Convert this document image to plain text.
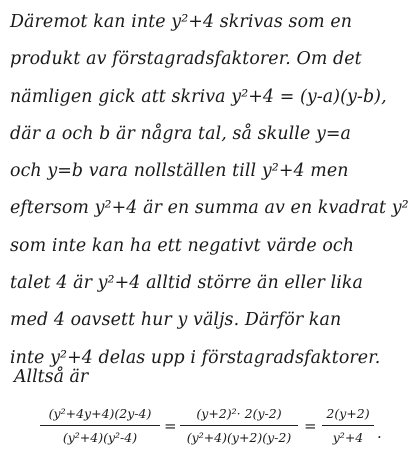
Däremot kan inte y²+4 skrivas som en
produkt av förstagradsfaktorer. Om det
nämligen gick att skriva y²+4 = (y-a)(y-b),
där a och b är några tal, så skulle y=a
och y=b vara nollställen till y²+4 men
eftersom y²+4 är en summa av en kvadrat y²
som inte kan ha ett negativt värde och
talet 4 är y²+4 alltid större än eller lika
med 4 oavsett hur y väljs. Därför kan
inte y²+4 delas upp i förstagradsfaktorer.
Alltså är
(y²+4y+4)(2y-4)
(y²+4)(y²-4)
=
(y+2)²· 2(y-2)
(y²+4)(y+2)(y-2)
=
2(y+2)
y²+4 .
